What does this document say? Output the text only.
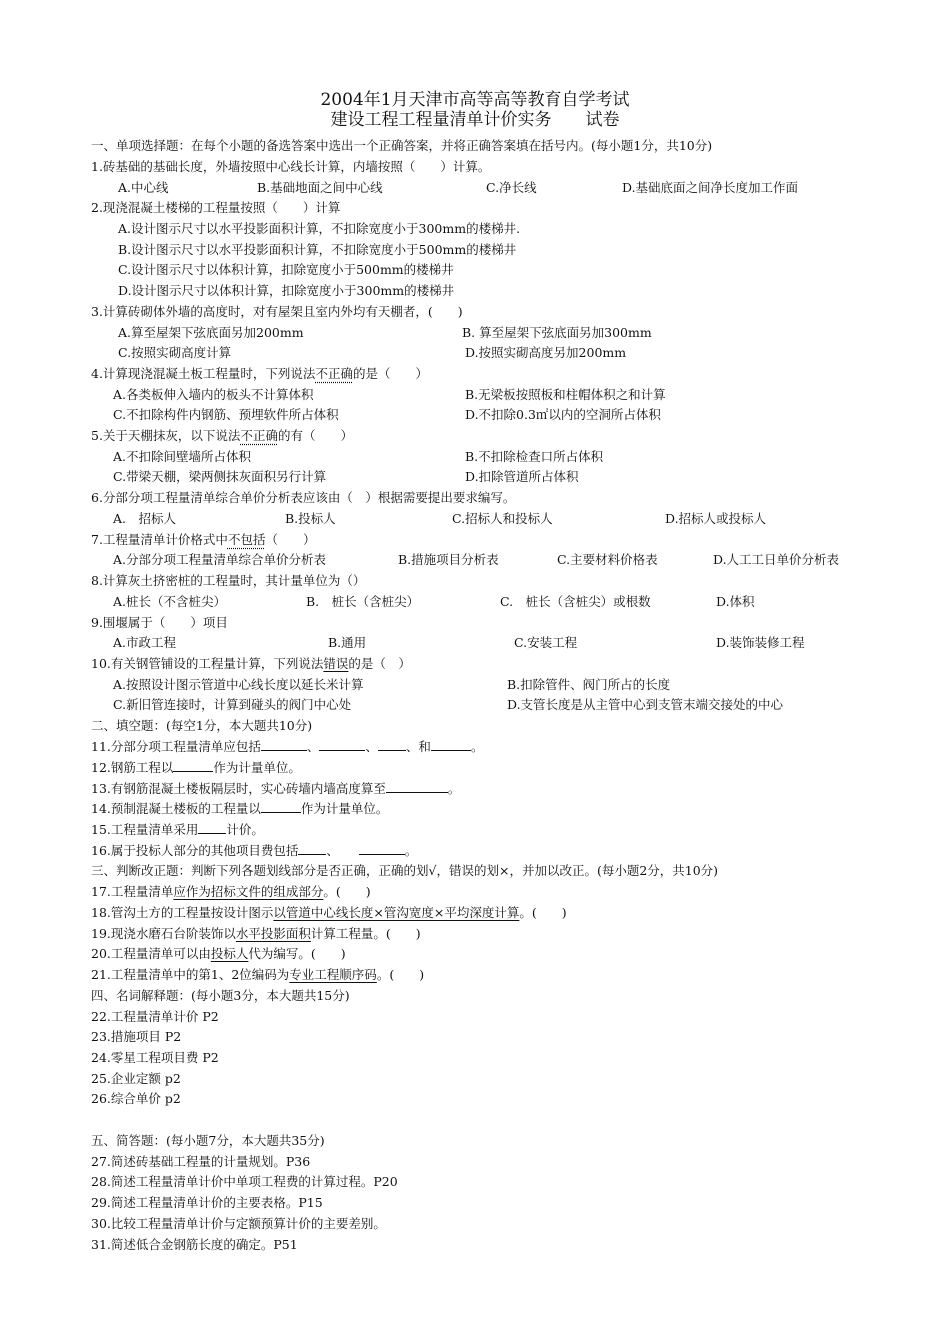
2004年1月天津市高等高等教育自学考试
建设工程工程量清单计价实务　　试卷
一、单项选择题：在每个小题的备选答案中选出一个正确答案，并将正确答案填在括号内。(每小题1分，共10分)
1.砖基础的基础长度，外墙按照中心线长计算，内墙按照（　　）计算。
A.中心线	B.基础地面之间中心线	C.净长线	D.基础底面之间净长度加工作面
2.现浇混凝土楼梯的工程量按照（　　）计算
A.设计图示尺寸以水平投影面积计算，不扣除宽度小于300mm的楼梯井.
B.设计图示尺寸以水平投影面积计算，不扣除宽度小于500mm的楼梯井
C.设计图示尺寸以体积计算，扣除宽度小于500mm的楼梯井
D.设计图示尺寸以体积计算，扣除宽度小于300mm的楼梯井
3.计算砖砌体外墙的高度时，对有屋架且室内外均有天棚者，(　　)
A.算至屋架下弦底面另加200mm	B. 算至屋架下弦底面另加300mm
C.按照实砌高度计算	D.按照实砌高度另加200mm
4.计算现浇混凝土板工程量时，下列说法不正确的是（　　）
A.各类板伸入墙内的板头不计算体积	B.无梁板按照板和柱帽体积之和计算
C.不扣除构件内钢筋、预埋软件所占体积	D.不扣除0.3㎡以内的空洞所占体积
5.关于天棚抹灰，以下说法不正确的有（　　）
A.不扣除间壁墙所占体积	B.不扣除检查口所占体积
C.带梁天棚，梁两侧抹灰面积另行计算	D.扣除管道所占体积
6.分部分项工程量清单综合单价分析表应该由（　）根据需要提出要求编写。
A.　招标人	B.投标人	C.招标人和投标人	D.招标人或投标人
7.工程量清单计价格式中不包括（　　）
A.分部分项工程量清单综合单价分析表	B.措施项目分析表	C.主要材料价格表	D.人工工日单价分析表
8.计算灰土挤密桩的工程量时，其计量单位为（）
A.桩长（不含桩尖）	B.　桩长（含桩尖）	C.　桩长（含桩尖）或根数	D.体积
9.围堰属于（　　）项目
A.市政工程	B.通用	C.安装工程	D.装饰装修工程
10.有关钢管铺设的工程量计算，下列说法错误的是（　）
A.按照设计图示管道中心线长度以延长米计算	B.扣除管件、阀门所占的长度
C.新旧管连接时，计算到碰头的阀门中心处	D.支管长度是从主管中心到支管末端交接处的中心
二、填空题：(每空1分，本大题共10分)
11.分部分项工程量清单应包括	、	、 、和	。
12.钢筋工程以	作为计量单位。
13.有钢筋混凝土楼板隔层时，实心砖墙内墙高度算至	。
14.预制混凝土楼板的工程量以	作为计量单位。
15.工程量清单采用 计价。
16.属于投标人部分的其他项目费包括 、	。
三、判断改正题：判断下列各题划线部分是否正确，正确的划√，错误的划×，并加以改正。(每小题2分，共10分)
17.工程量清单应作为招标文件的组成部分。(　　)
18.管沟土方的工程量按设计图示以管道中心线长度×管沟宽度×平均深度计算。(　　)
19.现浇水磨石台阶装饰以水平投影面积计算工程量。(　　)
20.工程量清单可以由投标人代为编写。(　　)
21.工程量清单中的第1、2位编码为专业工程顺序码。(　　)
四、名词解释题：(每小题3分，本大题共15分)
22.工程量清单计价 P2
23.措施项目 P2
24.零星工程项目费 P2
25.企业定额 p2
26.综合单价 p2
五、简答题：(每小题7分，本大题共35分)
27.简述砖基础工程量的计量规划。P36
28.简述工程量清单计价中单项工程费的计算过程。P20
29.简述工程量清单计价的主要表格。P15
30.比较工程量清单计价与定额预算计价的主要差别。
31.简述低合金钢筋长度的确定。P51
